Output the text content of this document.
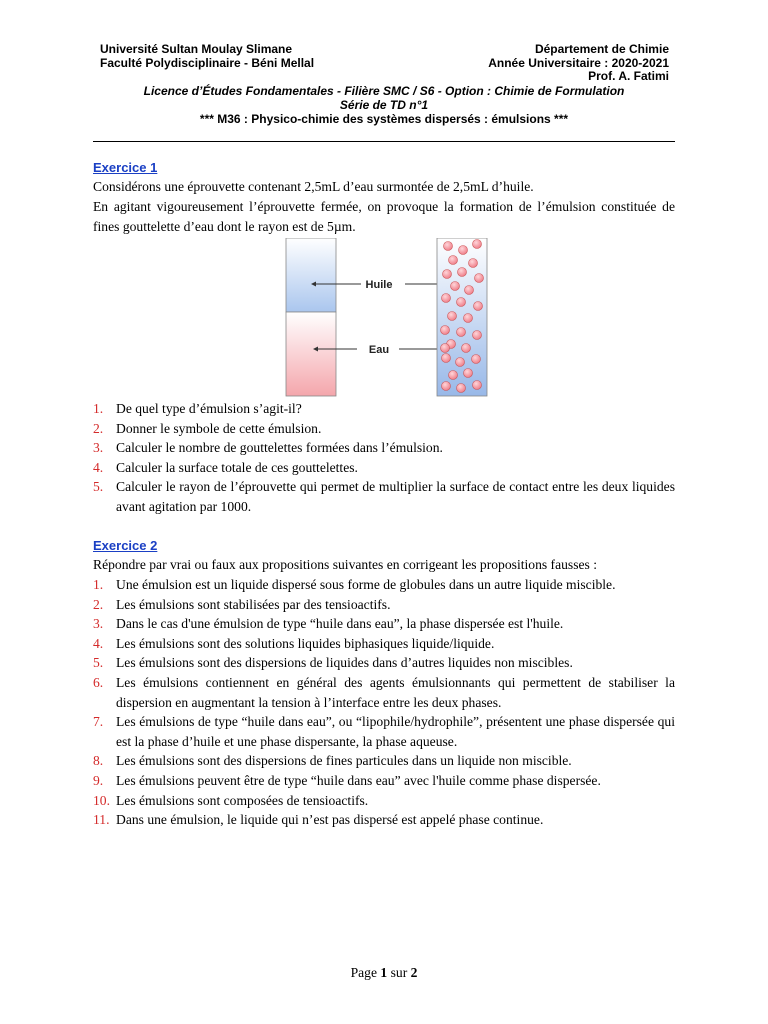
Université Sultan Moulay Slimane
Faculté Polydisciplinaire - Béni Mellal
Département de Chimie
Année Universitaire : 2020-2021
Prof. A. Fatimi
Licence d’Études Fondamentales - Filière SMC / S6 - Option : Chimie de Formulation
Série de TD n°1
*** M36 : Physico-chimie des systèmes dispersés : émulsions ***
Exercice 1
Considérons une éprouvette contenant 2,5mL d’eau surmontée de 2,5mL d’huile.
En agitant vigoureusement l’éprouvette fermée, on provoque la formation de l’émulsion constituée de fines gouttelette d’eau dont le rayon est de 5µm.
Huile
Eau
1. De quel type d’émulsion s’agit-il?
2. Donner le symbole de cette émulsion.
3. Calculer le nombre de gouttelettes formées dans l’émulsion.
4. Calculer la surface totale de ces gouttelettes.
5. Calculer le rayon de l’éprouvette qui permet de multiplier la surface de contact entre les deux liquides avant agitation par 1000.
Exercice 2
Répondre par vrai ou faux aux propositions suivantes en corrigeant les propositions fausses :
1. Une émulsion est un liquide dispersé sous forme de globules dans un autre liquide miscible.
2. Les émulsions sont stabilisées par des tensioactifs.
3. Dans le cas d'une émulsion de type “huile dans eau”, la phase dispersée est l'huile.
4. Les émulsions sont des solutions liquides biphasiques liquide/liquide.
5. Les émulsions sont des dispersions de liquides dans d’autres liquides non miscibles.
6. Les émulsions contiennent en général des agents émulsionnants qui permettent de stabiliser la dispersion en augmentant la tension à l’interface entre les deux phases.
7. Les émulsions de type “huile dans eau”, ou “lipophile/hydrophile”, présentent une phase dispersée qui est la phase d’huile et une phase dispersante, la phase aqueuse.
8. Les émulsions sont des dispersions de fines particules dans un liquide non miscible.
9. Les émulsions peuvent être de type “huile dans eau” avec l'huile comme phase dispersée.
10. Les émulsions sont composées de tensioactifs.
11. Dans une émulsion, le liquide qui n’est pas dispersé est appelé phase continue.
Page 1 sur 2
